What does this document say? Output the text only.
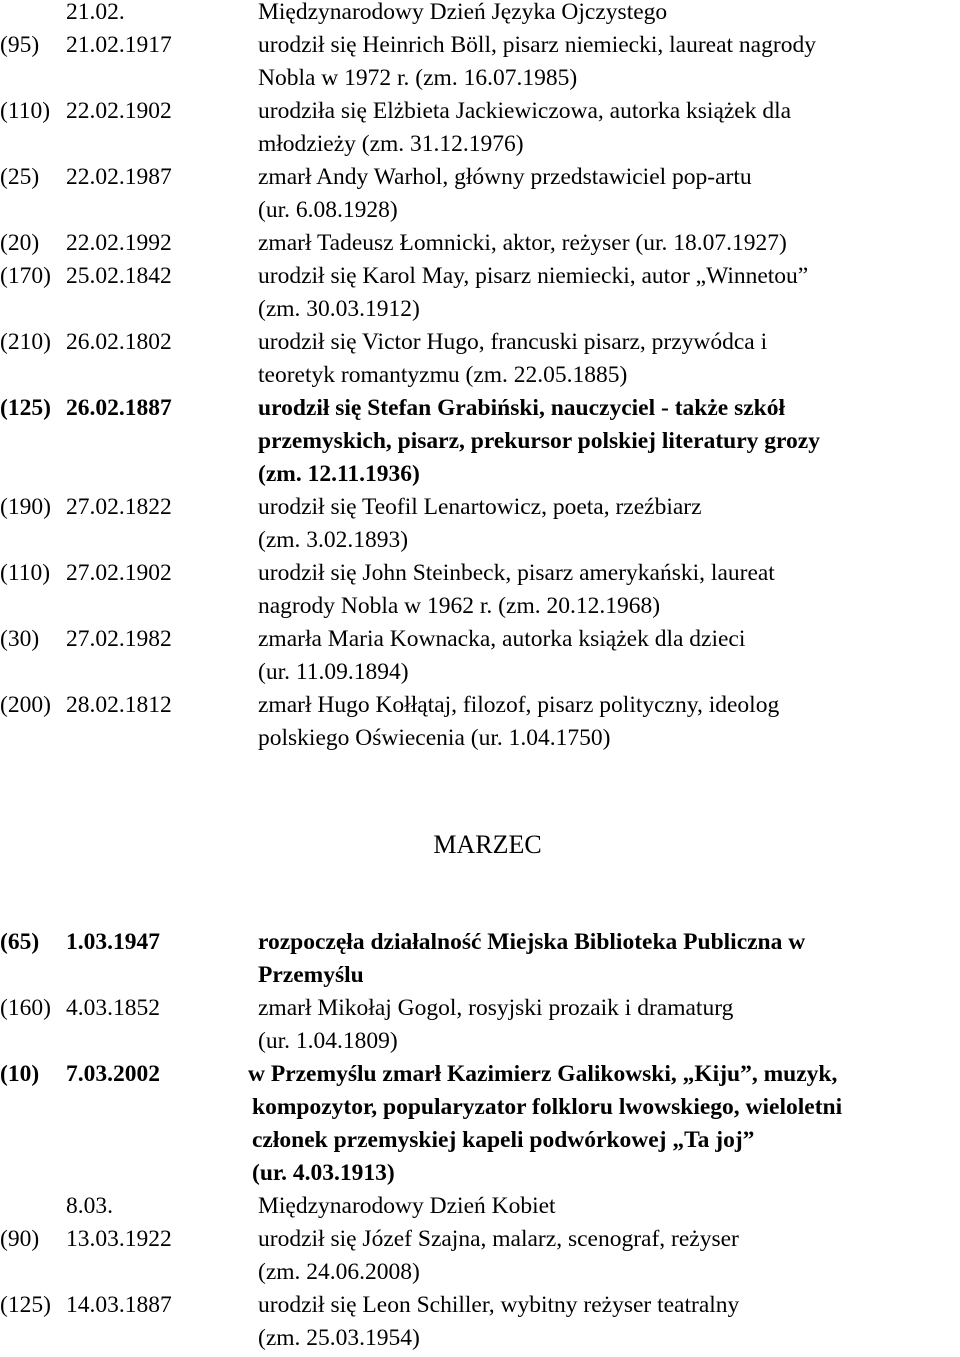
21.02.	Międzynarodowy Dzień Języka Ojczystego
(95) 21.02.1917	urodził się Heinrich Böll, pisarz niemiecki, laureat nagrody
Nobla w 1972 r. (zm. 16.07.1985)
(110) 22.02.1902	urodziła się Elżbieta Jackiewiczowa, autorka książek dla
młodzieży (zm. 31.12.1976)
(25) 22.02.1987	zmarł Andy Warhol, główny przedstawiciel pop-artu
(ur. 6.08.1928)
(20) 22.02.1992	zmarł Tadeusz Łomnicki, aktor, reżyser (ur. 18.07.1927)
(170) 25.02.1842	urodził się Karol May, pisarz niemiecki, autor „Winnetou”
(zm. 30.03.1912)
(210) 26.02.1802	urodził się Victor Hugo, francuski pisarz, przywódca i
teoretyk romantyzmu (zm. 22.05.1885)
(125) 26.02.1887	urodził się Stefan Grabiński, nauczyciel - także szkół
przemyskich, pisarz, prekursor polskiej literatury grozy
(zm. 12.11.1936)
(190) 27.02.1822	urodził się Teofil Lenartowicz, poeta, rzeźbiarz
(zm. 3.02.1893)
(110) 27.02.1902	urodził się John Steinbeck, pisarz amerykański, laureat
nagrody Nobla w 1962 r. (zm. 20.12.1968)
(30) 27.02.1982	zmarła Maria Kownacka, autorka książek dla dzieci
(ur. 11.09.1894)
(200) 28.02.1812	zmarł Hugo Kołłątaj, filozof, pisarz polityczny, ideolog
polskiego Oświecenia (ur. 1.04.1750)
(65) 1.03.1947	rozpoczęła działalność Miejska Biblioteka Publiczna w
Przemyślu
(160) 4.03.1852	zmarł Mikołaj Gogol, rosyjski prozaik i dramaturg
(ur. 1.04.1809)
(10) 7.03.2002	w Przemyślu zmarł Kazimierz Galikowski, „Kiju”, muzyk,
kompozytor, popularyzator folkloru lwowskiego, wieloletni
członek przemyskiej kapeli podwórkowej „Ta joj”
(ur. 4.03.1913)
8.03.	Międzynarodowy Dzień Kobiet
(90) 13.03.1922	urodził się Józef Szajna, malarz, scenograf, reżyser
(zm. 24.06.2008)
(125) 14.03.1887	urodził się Leon Schiller, wybitny reżyser teatralny
(zm. 25.03.1954)
MARZEC
